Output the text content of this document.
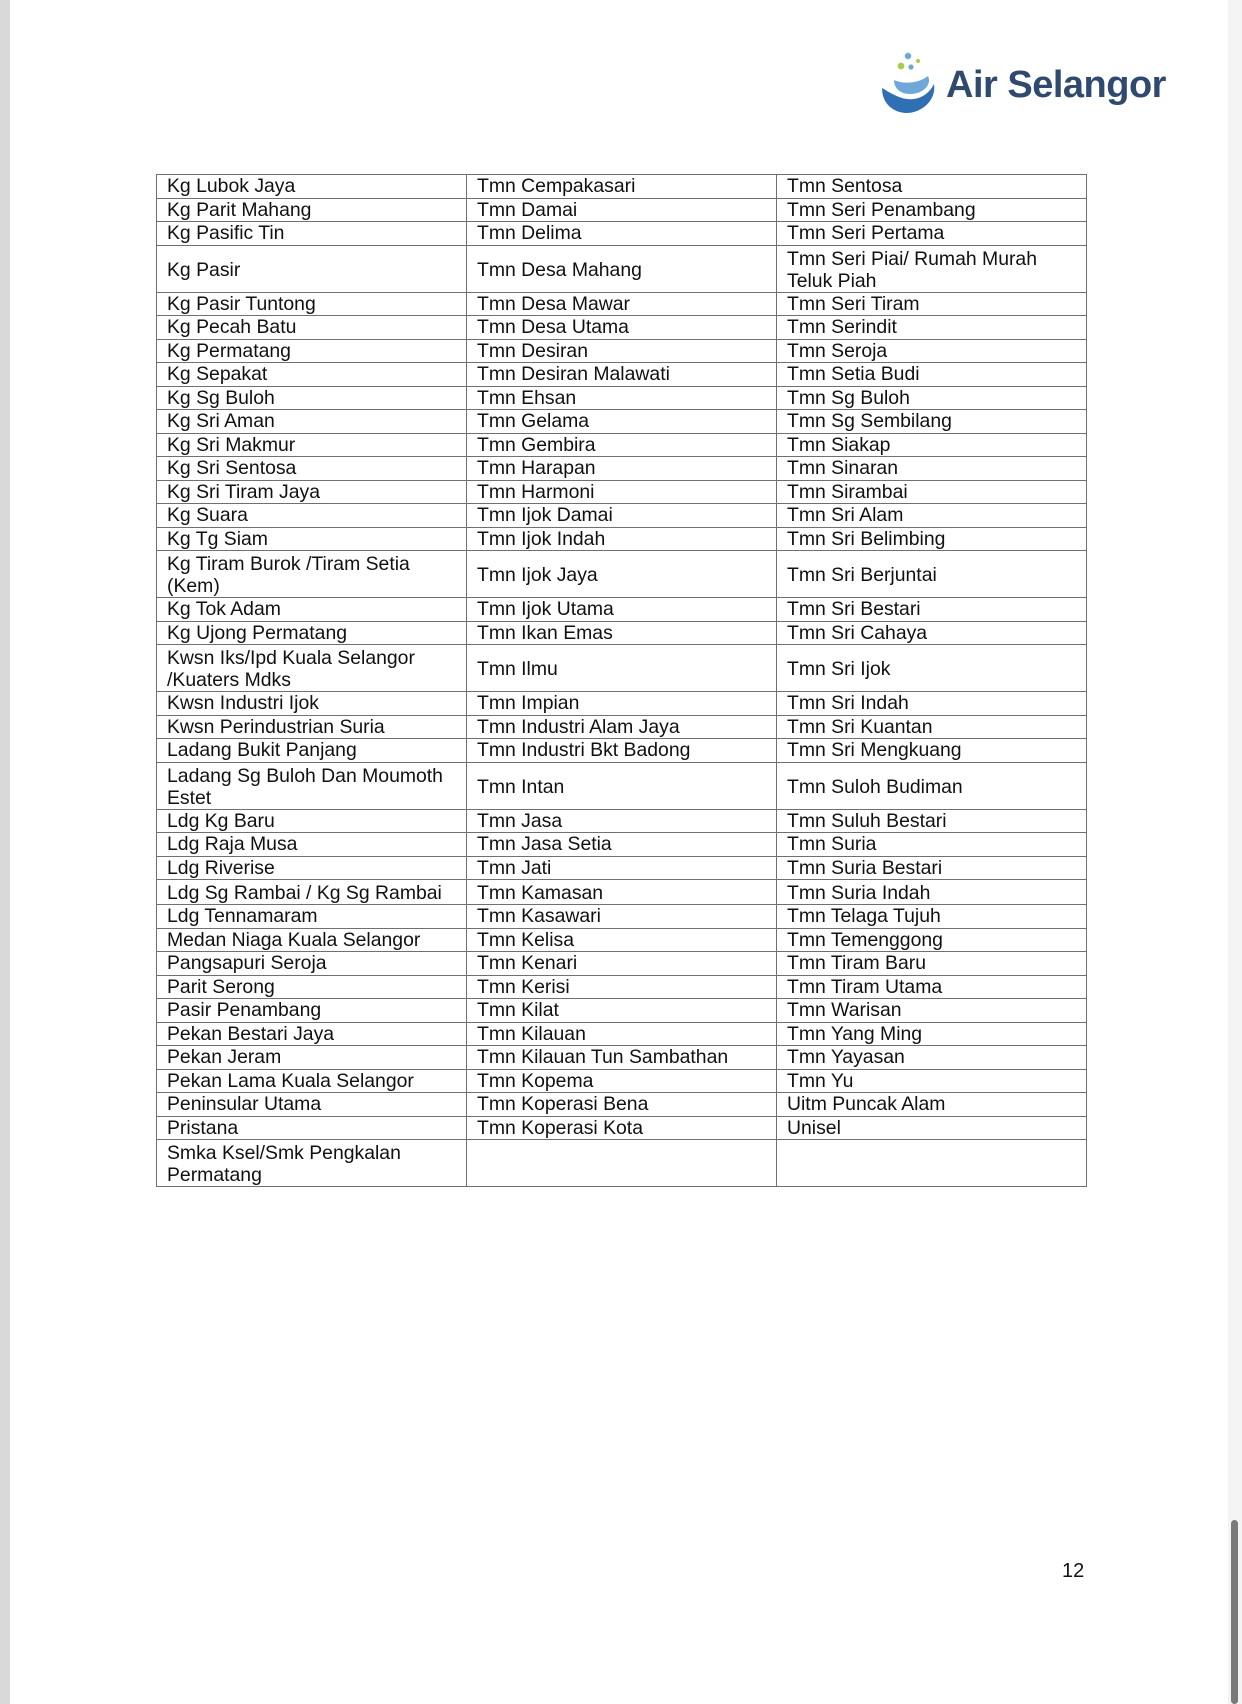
Air Selangor
Kg Lubok Jaya	Tmn Cempakasari	Tmn Sentosa
Kg Parit Mahang	Tmn Damai	Tmn Seri Penambang
Kg Pasific Tin	Tmn Delima	Tmn Seri Pertama
Kg Pasir	Tmn Desa Mahang	Tmn Seri Piai/ Rumah Murah Teluk Piah
Kg Pasir Tuntong	Tmn Desa Mawar	Tmn Seri Tiram
Kg Pecah Batu	Tmn Desa Utama	Tmn Serindit
Kg Permatang	Tmn Desiran	Tmn Seroja
Kg Sepakat	Tmn Desiran Malawati	Tmn Setia Budi
Kg Sg Buloh	Tmn Ehsan	Tmn Sg Buloh
Kg Sri Aman	Tmn Gelama	Tmn Sg Sembilang
Kg Sri Makmur	Tmn Gembira	Tmn Siakap
Kg Sri Sentosa	Tmn Harapan	Tmn Sinaran
Kg Sri Tiram Jaya	Tmn Harmoni	Tmn Sirambai
Kg Suara	Tmn Ijok Damai	Tmn Sri Alam
Kg Tg Siam	Tmn Ijok Indah	Tmn Sri Belimbing
Kg Tiram Burok /Tiram Setia (Kem)	Tmn Ijok Jaya	Tmn Sri Berjuntai
Kg Tok Adam	Tmn Ijok Utama	Tmn Sri Bestari
Kg Ujong Permatang	Tmn Ikan Emas	Tmn Sri Cahaya
Kwsn Iks/Ipd Kuala Selangor /Kuaters Mdks	Tmn Ilmu	Tmn Sri Ijok
Kwsn Industri Ijok	Tmn Impian	Tmn Sri Indah
Kwsn Perindustrian Suria	Tmn Industri Alam Jaya	Tmn Sri Kuantan
Ladang Bukit Panjang	Tmn Industri Bkt Badong	Tmn Sri Mengkuang
Ladang Sg Buloh Dan Moumoth Estet	Tmn Intan	Tmn Suloh Budiman
Ldg Kg Baru	Tmn Jasa	Tmn Suluh Bestari
Ldg Raja Musa	Tmn Jasa Setia	Tmn Suria
Ldg Riverise	Tmn Jati	Tmn Suria Bestari
Ldg Sg Rambai / Kg Sg Rambai	Tmn Kamasan	Tmn Suria Indah
Ldg Tennamaram	Tmn Kasawari	Tmn Telaga Tujuh
Medan Niaga Kuala Selangor	Tmn Kelisa	Tmn Temenggong
Pangsapuri Seroja	Tmn Kenari	Tmn Tiram Baru
Parit Serong	Tmn Kerisi	Tmn Tiram Utama
Pasir Penambang	Tmn Kilat	Tmn Warisan
Pekan Bestari Jaya	Tmn Kilauan	Tmn Yang Ming
Pekan Jeram	Tmn Kilauan Tun Sambathan	Tmn Yayasan
Pekan Lama Kuala Selangor	Tmn Kopema	Tmn Yu
Peninsular Utama	Tmn Koperasi Bena	Uitm Puncak Alam
Pristana	Tmn Koperasi Kota	Unisel
Smka Ksel/Smk Pengkalan Permatang		
12
